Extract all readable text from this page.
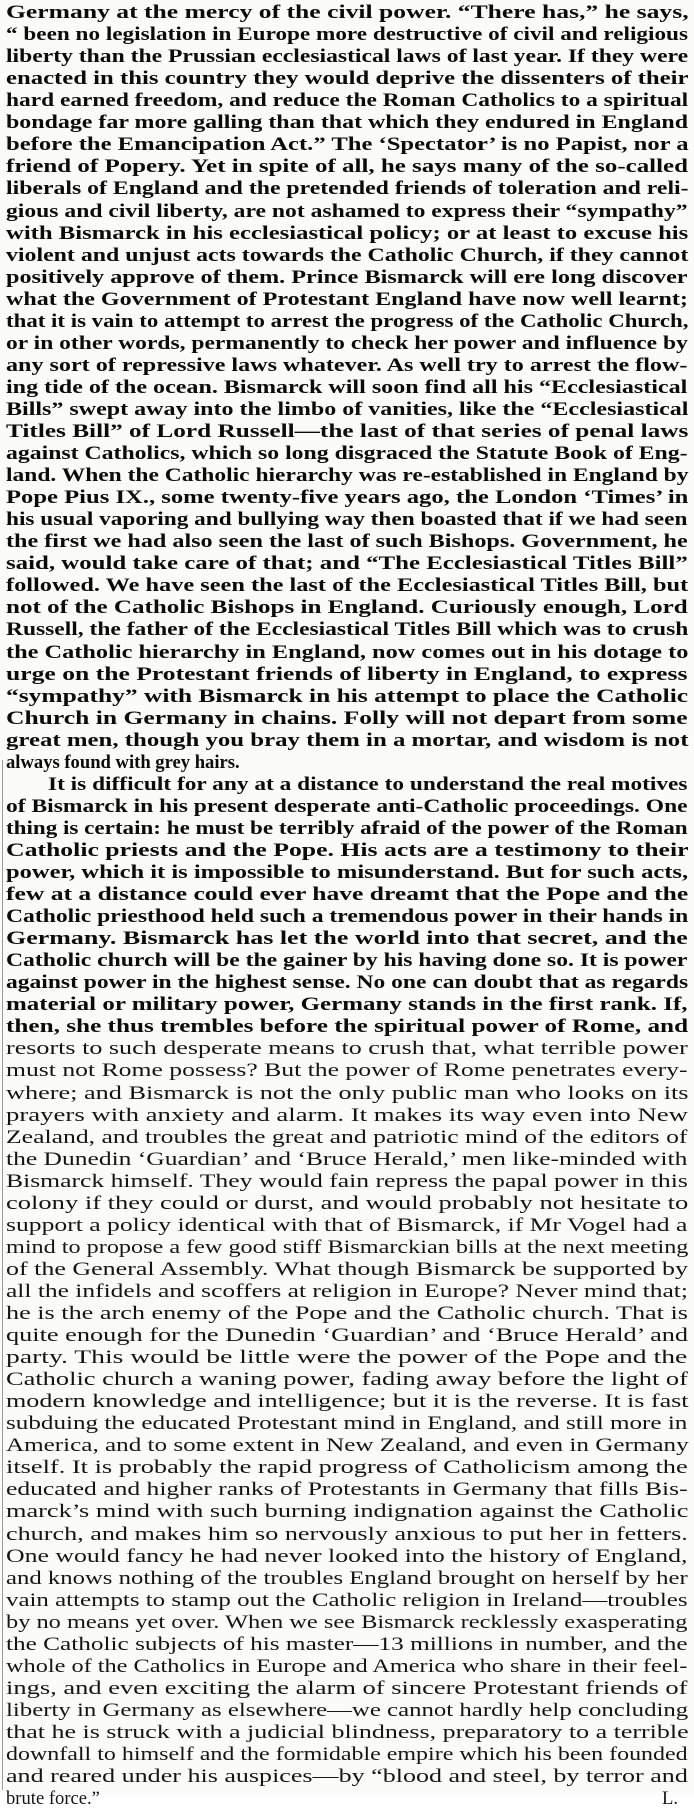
Germany at the mercy of the civil power. “There has,” he says,
“ been no legislation in Europe more destructive of civil and religious
liberty than the Prussian ecclesiastical laws of last year. If they were
enacted in this country they would deprive the dissenters of their
hard earned freedom, and reduce the Roman Catholics to a spiritual
bondage far more galling than that which they endured in England
before the Emancipation Act.” The ‘Spectator’ is no Papist, nor a
friend of Popery. Yet in spite of all, he says many of the so-called
liberals of England and the pretended friends of toleration and reli-
gious and civil liberty, are not ashamed to express their “sympathy”
with Bismarck in his ecclesiastical policy; or at least to excuse his
violent and unjust acts towards the Catholic Church, if they cannot
positively approve of them. Prince Bismarck will ere long discover
what the Government of Protestant England have now well learnt;
that it is vain to attempt to arrest the progress of the Catholic Church,
or in other words, permanently to check her power and influence by
any sort of repressive laws whatever. As well try to arrest the flow-
ing tide of the ocean. Bismarck will soon find all his “Ecclesiastical
Bills” swept away into the limbo of vanities, like the “Ecclesiastical
Titles Bill” of Lord Russell—the last of that series of penal laws
against Catholics, which so long disgraced the Statute Book of Eng-
land. When the Catholic hierarchy was re-established in England by
Pope Pius IX., some twenty-five years ago, the London ‘Times’ in
his usual vaporing and bullying way then boasted that if we had seen
the first we had also seen the last of such Bishops. Government, he
said, would take care of that; and “The Ecclesiastical Titles Bill”
followed. We have seen the last of the Ecclesiastical Titles Bill, but
not of the Catholic Bishops in England. Curiously enough, Lord
Russell, the father of the Ecclesiastical Titles Bill which was to crush
the Catholic hierarchy in England, now comes out in his dotage to
urge on the Protestant friends of liberty in England, to express
“sympathy” with Bismarck in his attempt to place the Catholic
Church in Germany in chains. Folly will not depart from some
great men, though you bray them in a mortar, and wisdom is not
always found with grey hairs.
It is difficult for any at a distance to understand the real motives
of Bismarck in his present desperate anti-Catholic proceedings. One
thing is certain: he must be terribly afraid of the power of the Roman
Catholic priests and the Pope. His acts are a testimony to their
power, which it is impossible to misunderstand. But for such acts,
few at a distance could ever have dreamt that the Pope and the
Catholic priesthood held such a tremendous power in their hands in
Germany. Bismarck has let the world into that secret, and the
Catholic church will be the gainer by his having done so. It is power
against power in the highest sense. No one can doubt that as regards
material or military power, Germany stands in the first rank. If,
then, she thus trembles before the spiritual power of Rome, and
resorts to such desperate means to crush that, what terrible power
must not Rome possess? But the power of Rome penetrates every-
where; and Bismarck is not the only public man who looks on its
prayers with anxiety and alarm. It makes its way even into New
Zealand, and troubles the great and patriotic mind of the editors of
the Dunedin ‘Guardian’ and ‘Bruce Herald,’ men like-minded with
Bismarck himself. They would fain repress the papal power in this
colony if they could or durst, and would probably not hesitate to
support a policy identical with that of Bismarck, if Mr Vogel had a
mind to propose a few good stiff Bismarckian bills at the next meeting
of the General Assembly. What though Bismarck be supported by
all the infidels and scoffers at religion in Europe? Never mind that;
he is the arch enemy of the Pope and the Catholic church. That is
quite enough for the Dunedin ‘Guardian’ and ‘Bruce Herald’ and
party. This would be little were the power of the Pope and the
Catholic church a waning power, fading away before the light of
modern knowledge and intelligence; but it is the reverse. It is fast
subduing the educated Protestant mind in England, and still more in
America, and to some extent in New Zealand, and even in Germany
itself. It is probably the rapid progress of Catholicism among the
educated and higher ranks of Protestants in Germany that fills Bis-
marck’s mind with such burning indignation against the Catholic
church, and makes him so nervously anxious to put her in fetters.
One would fancy he had never looked into the history of England,
and knows nothing of the troubles England brought on herself by her
vain attempts to stamp out the Catholic religion in Ireland—troubles
by no means yet over. When we see Bismarck recklessly exasperating
the Catholic subjects of his master—13 millions in number, and the
whole of the Catholics in Europe and America who share in their feel-
ings, and even exciting the alarm of sincere Protestant friends of
liberty in Germany as elsewhere—we cannot hardly help concluding
that he is struck with a judicial blindness, preparatory to a terrible
downfall to himself and the formidable empire which his been founded
and reared under his auspices—by “blood and steel, by terror and
brute force.”	L.
